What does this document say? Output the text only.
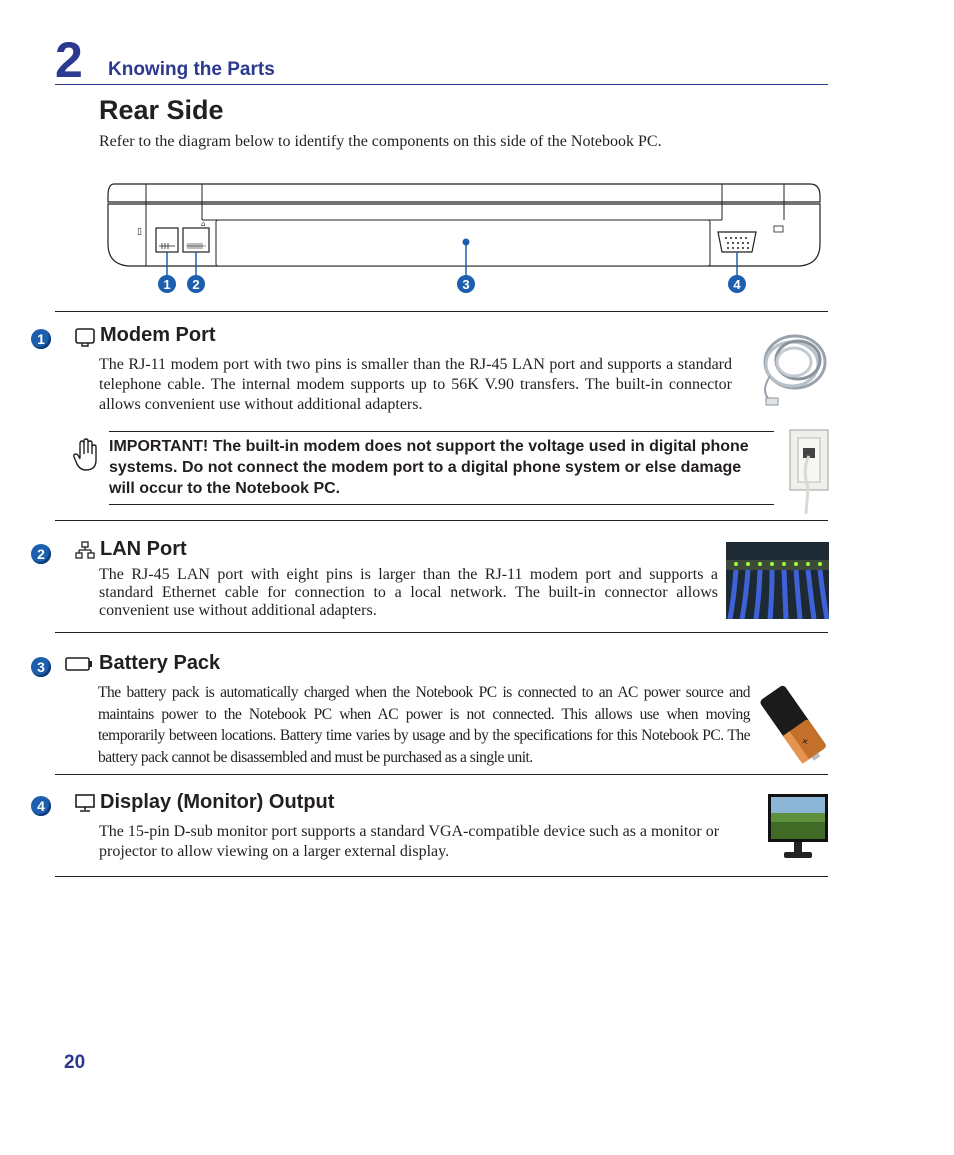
2 Knowing the Parts
Rear Side
Refer to the diagram below to identify the components on this side of the Notebook PC.
▯
⌂
1 2	3	4
1	Modem Port
The RJ-11 modem port with two pins is smaller than the RJ-45 LAN port and supports a standard telephone cable. The internal modem supports up to 56K V.90 transfers. The built-in connector allows convenient use without additional adapters.
IMPORTANT! The built-in modem does not support the voltage used in digital phone systems. Do not connect the modem port to a digital phone system or else damage will occur to the Notebook PC.
2	LAN Port
The RJ-45 LAN port with eight pins is larger than the RJ-11 modem port and supports a standard Ethernet cable for connection to a local network. The built-in connector allows convenient use without additional adapters.
3	Battery Pack
The battery pack is automatically charged when the Notebook PC is connected to an AC power source and maintains power to the Notebook PC when AC power is not connected. This allows use when moving temporarily between locations. Battery time varies by usage and by the specifications for this Notebook PC. The battery pack cannot be disassembled and must be purchased as a single unit.
+
4	Display (Monitor) Output
The 15-pin D-sub monitor port supports a standard VGA-compatible device such as a monitor or projector to allow viewing on a larger external display.
20
